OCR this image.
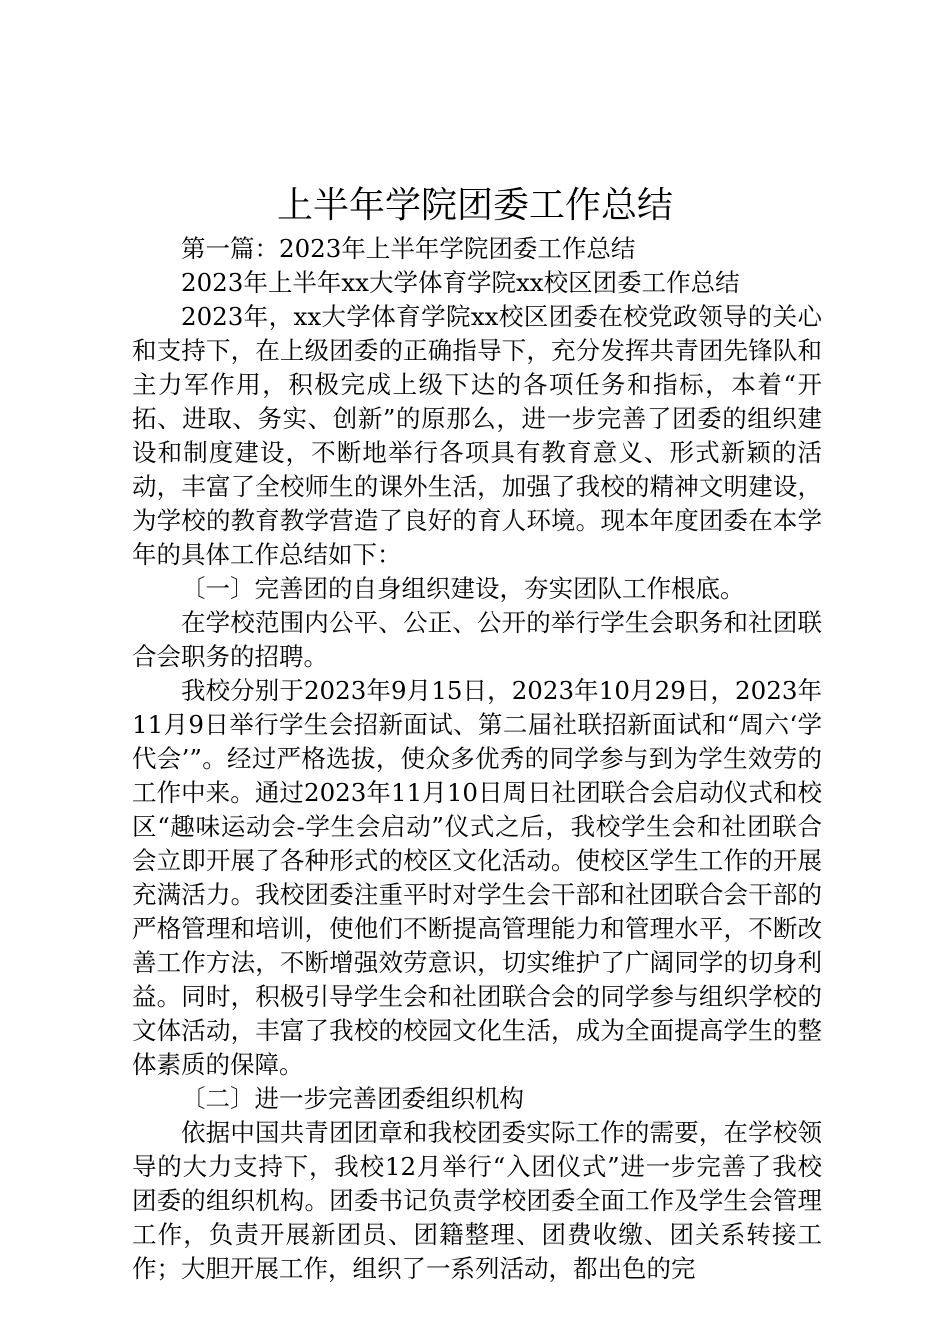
上半年学院团委工作总结

第一篇：2023年上半年学院团委工作总结

2023年上半年xx大学体育学院xx校区团委工作总结

2023年，xx大学体育学院xx校区团委在校党政领导的关心和支持下，在上级团委的正确指导下，充分发挥共青团先锋队和主力军作用，积极完成上级下达的各项任务和指标，本着“开拓、进取、务实、创新”的原那么，进一步完善了团委的组织建设和制度建设，不断地举行各项具有教育意义、形式新颖的活动，丰富了全校师生的课外生活，加强了我校的精神文明建设，为学校的教育教学营造了良好的育人环境。现本年度团委在本学年的具体工作总结如下：

〔一〕完善团的自身组织建设，夯实团队工作根底。

在学校范围内公平、公正、公开的举行学生会职务和社团联合会职务的招聘。

我校分别于2023年9月15日，2023年10月29日，2023年11月9日举行学生会招新面试、第二届社联招新面试和“周六‘学代会’”。经过严格选拔，使众多优秀的同学参与到为学生效劳的工作中来。通过2023年11月10日周日社团联合会启动仪式和校区“趣味运动会-学生会启动”仪式之后，我校学生会和社团联合会立即开展了各种形式的校区文化活动。使校区学生工作的开展充满活力。我校团委注重平时对学生会干部和社团联合会干部的严格管理和培训，使他们不断提高管理能力和管理水平，不断改善工作方法，不断增强效劳意识，切实维护了广阔同学的切身利益。同时，积极引导学生会和社团联合会的同学参与组织学校的文体活动，丰富了我校的校园文化生活，成为全面提高学生的整体素质的保障。

〔二〕进一步完善团委组织机构

依据中国共青团团章和我校团委实际工作的需要，在学校领导的大力支持下，我校12月举行“入团仪式”进一步完善了我校团委的组织机构。团委书记负责学校团委全面工作及学生会管理工作，负责开展新团员、团籍整理、团费收缴、团关系转接工作；大胆开展工作，组织了一系列活动，都出色的完
